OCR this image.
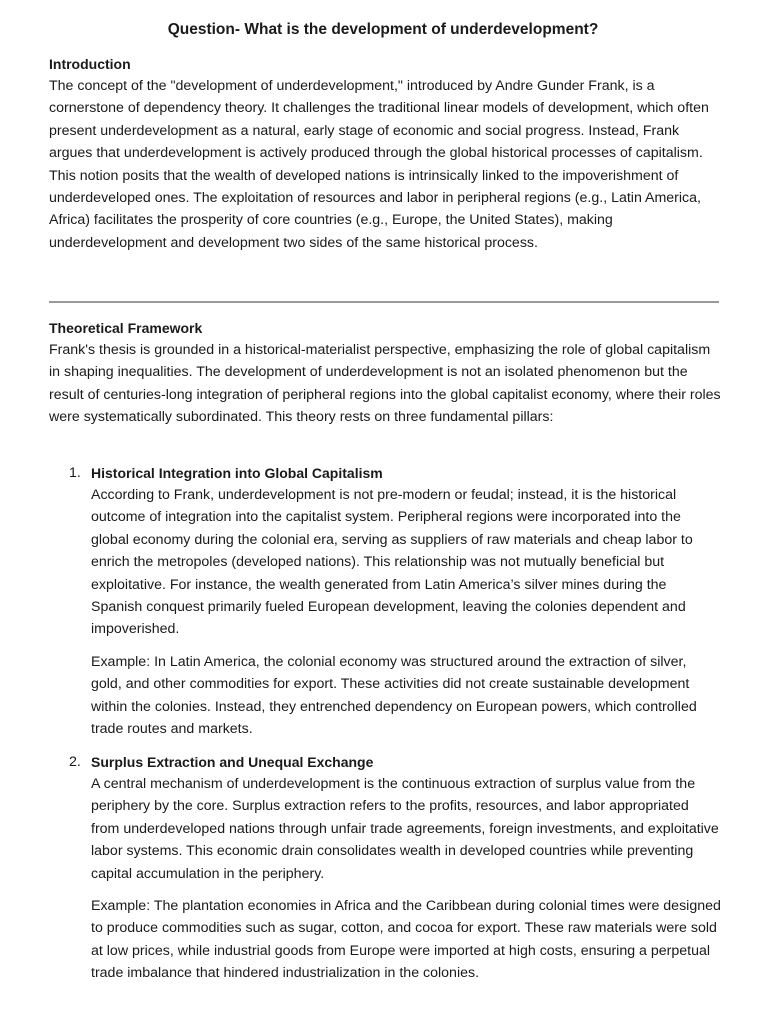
Question- What is the development of underdevelopment?
Introduction

The concept of the "development of underdevelopment," introduced by Andre Gunder Frank, is a cornerstone of dependency theory. It challenges the traditional linear models of development, which often present underdevelopment as a natural, early stage of economic and social progress. Instead, Frank argues that underdevelopment is actively produced through the global historical processes of capitalism. This notion posits that the wealth of developed nations is intrinsically linked to the impoverishment of underdeveloped ones. The exploitation of resources and labor in peripheral regions (e.g., Latin America, Africa) facilitates the prosperity of core countries (e.g., Europe, the United States), making underdevelopment and development two sides of the same historical process.

Theoretical Framework

Frank's thesis is grounded in a historical-materialist perspective, emphasizing the role of global capitalism in shaping inequalities. The development of underdevelopment is not an isolated phenomenon but the result of centuries-long integration of peripheral regions into the global capitalist economy, where their roles were systematically subordinated. This theory rests on three fundamental pillars:

1. Historical Integration into Global Capitalism

According to Frank, underdevelopment is not pre-modern or feudal; instead, it is the historical outcome of integration into the capitalist system. Peripheral regions were incorporated into the global economy during the colonial era, serving as suppliers of raw materials and cheap labor to enrich the metropoles (developed nations). This relationship was not mutually beneficial but exploitative. For instance, the wealth generated from Latin America’s silver mines during the Spanish conquest primarily fueled European development, leaving the colonies dependent and impoverished.

Example: In Latin America, the colonial economy was structured around the extraction of silver, gold, and other commodities for export. These activities did not create sustainable development within the colonies. Instead, they entrenched dependency on European powers, which controlled trade routes and markets.

2. Surplus Extraction and Unequal Exchange

A central mechanism of underdevelopment is the continuous extraction of surplus value from the periphery by the core. Surplus extraction refers to the profits, resources, and labor appropriated from underdeveloped nations through unfair trade agreements, foreign investments, and exploitative labor systems. This economic drain consolidates wealth in developed countries while preventing capital accumulation in the periphery.

Example: The plantation economies in Africa and the Caribbean during colonial times were designed to produce commodities such as sugar, cotton, and cocoa for export. These raw materials were sold at low prices, while industrial goods from Europe were imported at high costs, ensuring a perpetual trade imbalance that hindered industrialization in the colonies.
